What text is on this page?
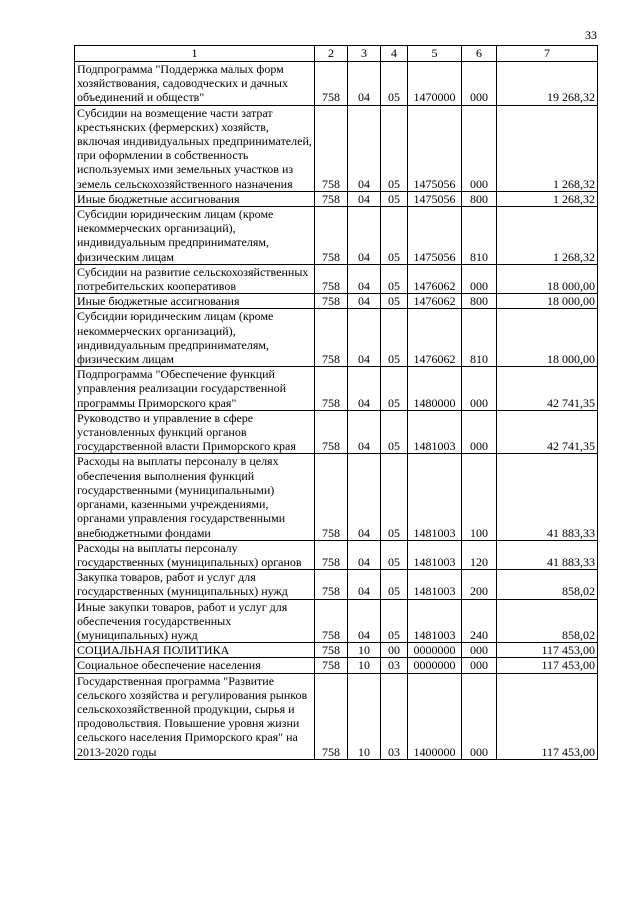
33
1	2	3	4	5	6	7
Подпрограмма "Поддержка малых форм хозяйствования, садоводческих и дачных объединений и обществ"	758	04	05	1470000	000	19 268,32
Субсидии на возмещение части затрат крестьянских (фермерских) хозяйств, включая индивидуальных предпринимателей, при оформлении в собственность используемых ими земельных участков из земель сельскохозяйственного назначения	758	04	05	1475056	000	1 268,32
Иные бюджетные ассигнования	758	04	05	1475056	800	1 268,32
Субсидии юридическим лицам (кроме некоммерческих организаций), индивидуальным предпринимателям, физическим лицам	758	04	05	1475056	810	1 268,32
Субсидии на развитие сельскохозяйственных потребительских кооперативов	758	04	05	1476062	000	18 000,00
Иные бюджетные ассигнования	758	04	05	1476062	800	18 000,00
Субсидии юридическим лицам (кроме некоммерческих организаций), индивидуальным предпринимателям, физическим лицам	758	04	05	1476062	810	18 000,00
Подпрограмма "Обеспечение функций управления реализации государственной программы Приморского края"	758	04	05	1480000	000	42 741,35
Руководство и управление в сфере установленных функций органов государственной власти Приморского края	758	04	05	1481003	000	42 741,35
Расходы на выплаты персоналу в целях обеспечения выполнения функций государственными (муниципальными) органами, казенными учреждениями, органами управления государственными внебюджетными фондами	758	04	05	1481003	100	41 883,33
Расходы на выплаты персоналу государственных (муниципальных) органов	758	04	05	1481003	120	41 883,33
Закупка товаров, работ и услуг для государственных (муниципальных) нужд	758	04	05	1481003	200	858,02
Иные закупки товаров, работ и услуг для обеспечения государственных (муниципальных) нужд	758	04	05	1481003	240	858,02
СОЦИАЛЬНАЯ ПОЛИТИКА	758	10	00	0000000	000	117 453,00
Социальное обеспечение населения	758	10	03	0000000	000	117 453,00
Государственная программа "Развитие сельского хозяйства и регулирования рынков сельскохозяйственной продукции, сырья и продовольствия. Повышение уровня жизни сельского населения Приморского края" на 2013-2020 годы	758	10	03	1400000	000	117 453,00
